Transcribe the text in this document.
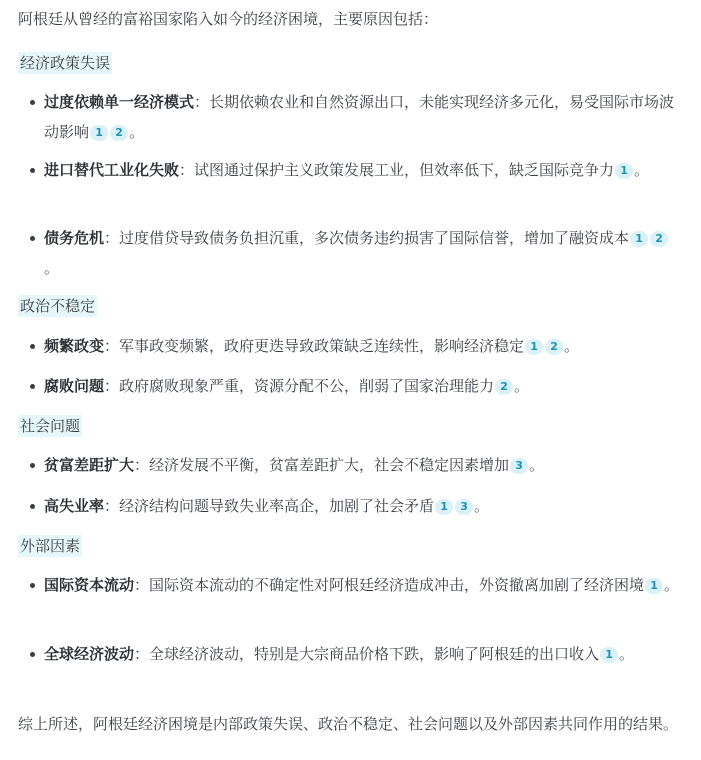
阿根廷从曾经的富裕国家陷入如今的经济困境，主要原因包括：

经济政策失误
过度依赖单一经济模式：长期依赖农业和自然资源出口，未能实现经济多元化，易受国际市场波动影响 1 2 。
进口替代工业化失败：试图通过保护主义政策发展工业，但效率低下，缺乏国际竞争力 1 。
债务危机：过度借贷导致债务负担沉重，多次债务违约损害了国际信誉，增加了融资成本 1 2。
政治不稳定
频繁政变：军事政变频繁，政府更迭导致政策缺乏连续性，影响经济稳定 1 2 。
腐败问题：政府腐败现象严重，资源分配不公，削弱了国家治理能力 2 。
社会问题
贫富差距扩大：经济发展不平衡，贫富差距扩大，社会不稳定因素增加 3 。
高失业率：经济结构问题导致失业率高企，加剧了社会矛盾 1 3 。
外部因素
国际资本流动：国际资本流动的不确定性对阿根廷经济造成冲击，外资撤离加剧了经济困境 1 。
全球经济波动：全球经济波动，特别是大宗商品价格下跌，影响了阿根廷的出口收入 1 。

综上所述，阿根廷经济困境是内部政策失误、政治不稳定、社会问题以及外部因素共同作用的结果。
